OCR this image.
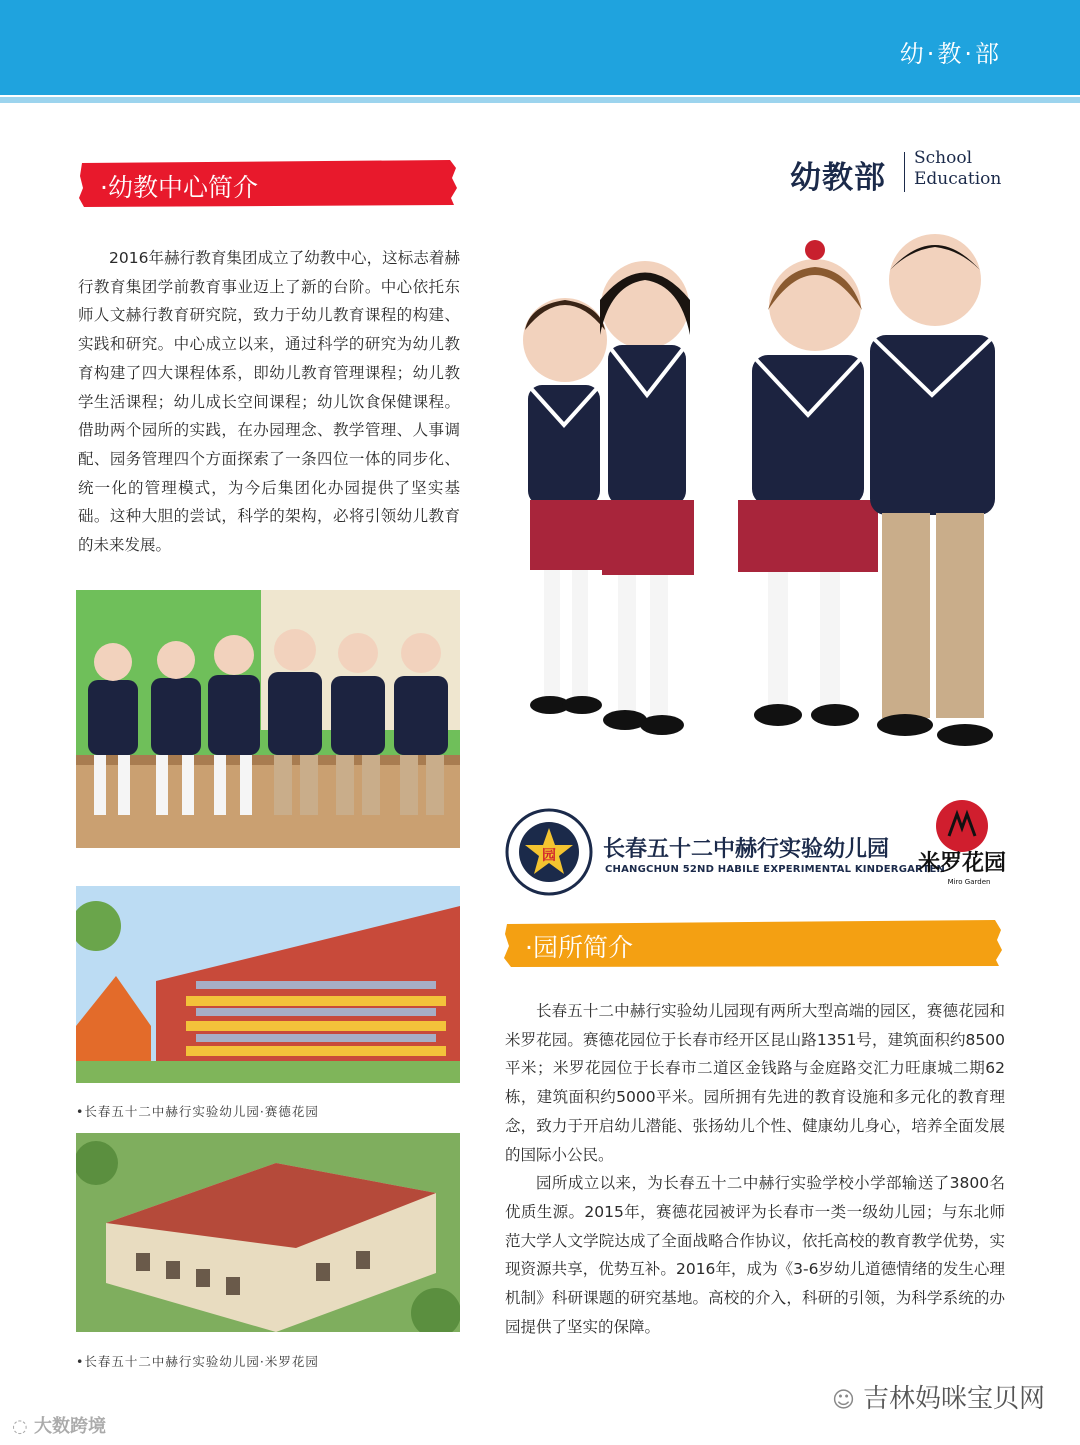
幼·教·部
·幼教中心简介

2016年赫行教育集团成立了幼教中心，这标志着赫行教育集团学前教育事业迈上了新的台阶。中心依托东师人文赫行教育研究院，致力于幼儿教育课程的构建、实践和研究。中心成立以来，通过科学的研究为幼儿教育构建了四大课程体系，即幼儿教育管理课程；幼儿教学生活课程；幼儿成长空间课程；幼儿饮食保健课程。借助两个园所的实践，在办园理念、教学管理、人事调配、园务管理四个方面探索了一条四位一体的同步化、统一化的管理模式，为今后集团化办园提供了坚实基础。这种大胆的尝试，科学的架构，必将引领幼儿教育的未来发展。

幼教部
School
Education
•长春五十二中赫行实验幼儿园·赛德花园
•长春五十二中赫行实验幼儿园·米罗花园
园 长春五十二中赫行实验幼儿园
CHANGCHUN 52ND HABILE EXPERIMENTAL KINDERGARTEN
米罗花园
Miro Garden
·园所简介

长春五十二中赫行实验幼儿园现有两所大型高端的园区，赛德花园和米罗花园。赛德花园位于长春市经开区昆山路1351号，建筑面积约8500平米；米罗花园位于长春市二道区金钱路与金庭路交汇力旺康城二期62栋，建筑面积约5000平米。园所拥有先进的教育设施和多元化的教育理念，致力于开启幼儿潜能、张扬幼儿个性、健康幼儿身心，培养全面发展的国际小公民。

园所成立以来，为长春五十二中赫行实验学校小学部输送了3800名优质生源。2015年，赛德花园被评为长春市一类一级幼儿园；与东北师范大学人文学院达成了全面战略合作协议，依托高校的教育教学优势，实现资源共享，优势互补。2016年，成为《3-6岁幼儿道德情绪的发生心理机制》科研课题的研究基地。高校的介入，科研的引领，为科学系统的办园提供了坚实的保障。

☺ 吉林妈咪宝贝网
◌ 大数跨境
